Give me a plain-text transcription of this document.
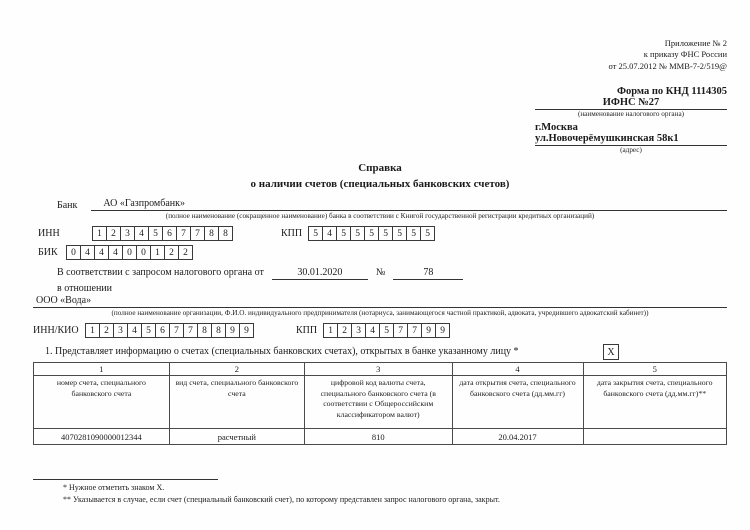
Приложение № 2
к приказу ФНС России
от 25.07.2012 № ММВ-7-2/519@
Форма по КНД 1114305
ИФНС №27
(наименование налогового органа)
г.Москва
ул.Новочерёмушкинская 58к1
(адрес)
Справка
о наличии счетов (специальных банковских счетов)
Банк	АО «Газпромбанк»
(полное наименование (сокращенное наименование) банка в соответствии с Книгой государственной регистрации кредитных организаций)
ИНН	1 2 3 4 5 6 7 7 8 8	КПП	5 4 5 5 5 5 5 5 5
БИК	0 4 4 4 0 0 1 2 2
В соответствии с запросом налогового органа от	30.01.2020	№	78
в отношении
ООО «Вода»
(полное наименование организации, Ф.И.О. индивидуального предпринимателя (нотариуса, занимающегося частной практикой, адвоката, учредившего адвокатский кабинет))
ИНН/КИО	1 2 3 4 5 6 7 7 8 8 9 9	КПП	1 2 3 4 5 7 7 9 9
1. Представляет информацию о счетах (специальных банковских счетах), открытых в банке указанному лицу *	X
1	2	3	4	5
номер счета, специального банковского счета	вид счета, специального банковского счета	цифровой код валюты счета, специального банковского счета (в соответствии с Общероссийским классификатором валют)	дата открытия счета, специального банковского счета (дд.мм.гг)	дата закрытия счета, специального банковского счета (дд.мм.гг)**
4070281090000012344	расчетный	810	20.04.2017	
* Нужное отметить знаком Х.
** Указывается в случае, если счет (специальный банковский счет), по которому представлен запрос налогового органа, закрыт.
